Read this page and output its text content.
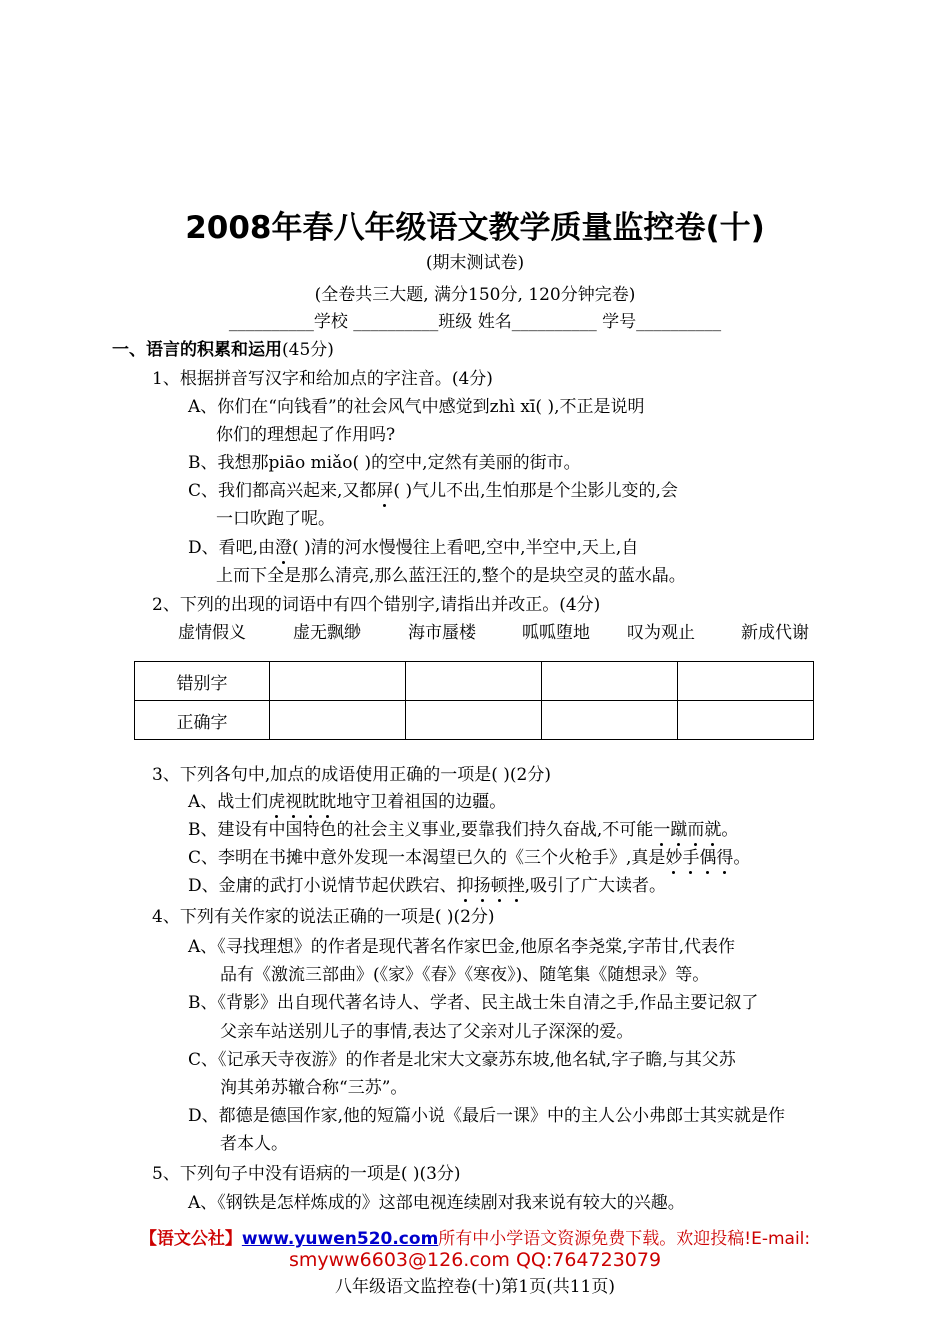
2008年春八年级语文教学质量监控卷(十)
(期末测试卷)
(全卷共三大题, 满分150分, 120分钟完卷)
__________学校 __________班级 姓名__________ 学号__________
一、语言的积累和运用(45分)
1、根据拼音写汉字和给加点的字注音。(4分)
A、你们在“向钱看”的社会风气中感觉到zhì xī( ),不正是说明
你们的理想起了作用吗?
B、我想那piāo miǎo( )的空中,定然有美丽的街市。
C、我们都高兴起来,又都屏( )气儿不出,生怕那是个尘影儿变的,会
一口吹跑了呢。
D、看吧,由澄( )清的河水慢慢往上看吧,空中,半空中,天上,自
上而下全是那么清亮,那么蓝汪汪的,整个的是块空灵的蓝水晶。
2、下列的出现的词语中有四个错别字,请指出并改正。(4分)
虚情假义	虚无飘缈	海市蜃楼	呱呱堕地 叹为观止	新成代谢
错别字				
正确字				
3、下列各句中,加点的成语使用正确的一项是( )(2分)
A、战士们虎视眈眈地守卫着祖国的边疆。
B、建设有中国特色的社会主义事业,要靠我们持久奋战,不可能一蹴而就。
C、李明在书摊中意外发现一本渴望已久的《三个火枪手》,真是妙手偶得。
D、金庸的武打小说情节起伏跌宕、抑扬顿挫,吸引了广大读者。
4、下列有关作家的说法正确的一项是( )(2分)
A、《寻找理想》的作者是现代著名作家巴金,他原名李尧棠,字芾甘,代表作
品有《激流三部曲》(《家》《春》《寒夜》)、随笔集《随想录》等。
B、《背影》出自现代著名诗人、学者、民主战士朱自清之手,作品主要记叙了
父亲车站送别儿子的事情,表达了父亲对儿子深深的爱。
C、《记承天寺夜游》的作者是北宋大文豪苏东坡,他名轼,字子瞻,与其父苏
洵其弟苏辙合称“三苏”。
D、都德是德国作家,他的短篇小说《最后一课》中的主人公小弗郎士其实就是作
者本人。
5、下列句子中没有语病的一项是( )(3分)
A、《钢铁是怎样炼成的》这部电视连续剧对我来说有较大的兴趣。
【语文公社】www.yuwen520.com所有中小学语文资源免费下载。欢迎投稿!E-mail:
smyww6603@126.com QQ:764723079
八年级语文监控卷(十)第1页(共11页)
